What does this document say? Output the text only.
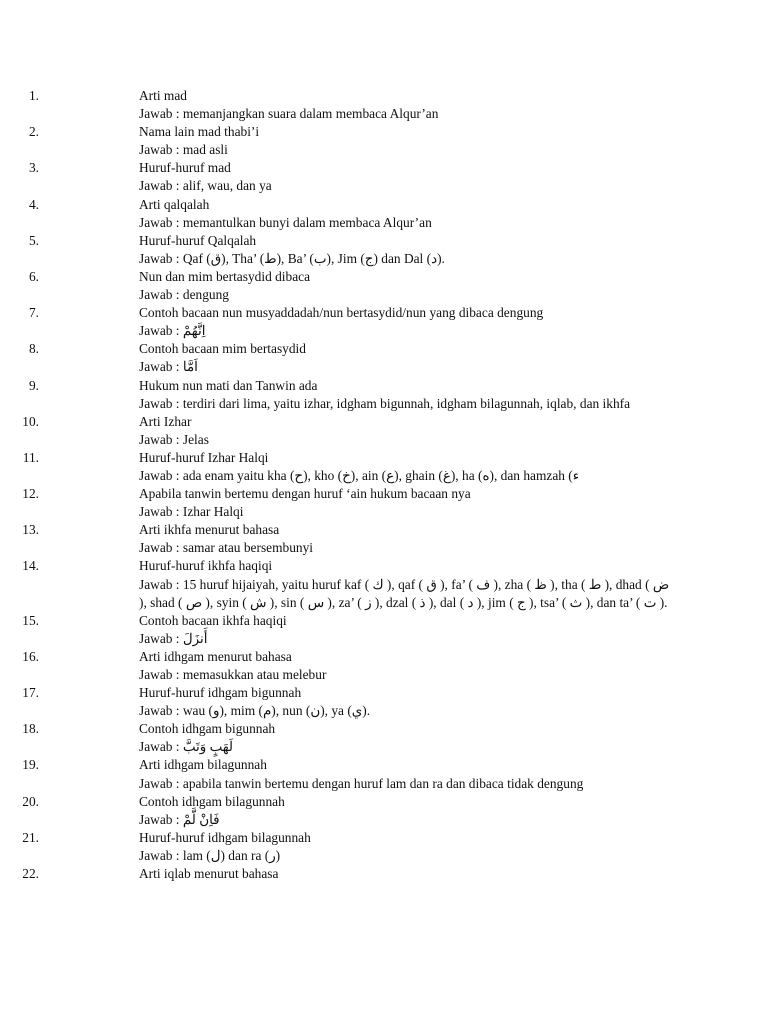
1.	Arti mad
Jawab : memanjangkan suara dalam membaca Alqur’an
2.	Nama lain mad thabi’i
Jawab : mad asli
3.	Huruf-huruf mad
Jawab : alif, wau, dan ya
4.	Arti qalqalah
Jawab : memantulkan bunyi dalam membaca Alqur’an
5.	Huruf-huruf Qalqalah
Jawab : Qaf (ق), Tha’ (ط), Ba’ (ب), Jim (ج) dan Dal (د).
6.	Nun dan mim bertasydid dibaca
Jawab : dengung
7.	Contoh bacaan nun musyaddadah/nun bertasydid/nun yang dibaca dengung
Jawab : اِنَّهُمْ
8.	Contoh bacaan mim bertasydid
Jawab : اَمَّا
9.	Hukum nun mati dan Tanwin ada
Jawab : terdiri dari lima, yaitu izhar, idgham bigunnah, idgham bilagunnah, iqlab, dan ikhfa
10.	Arti Izhar
Jawab : Jelas
11.	Huruf-huruf Izhar Halqi
Jawab : ada enam yaitu kha (ح), kho (خ), ain (ع), ghain (غ), ha (ه), dan hamzah (ء
12.	Apabila tanwin bertemu dengan huruf ‘ain hukum bacaan nya
Jawab : Izhar Halqi
13.	Arti ikhfa menurut bahasa
Jawab : samar atau bersembunyi
14.	Huruf-huruf ikhfa haqiqi
Jawab : 15 huruf hijaiyah, yaitu huruf kaf ( ك ), qaf ( ق ), fa’ ( ف ), zha ( ظ ), tha ( ط ), dhad ( ض ), shad ( ص ), syin ( ش ), sin ( س ), za’ ( ز ), dzal ( ذ ), dal ( د ), jim ( ج ), tsa’ ( ث ), dan ta’ ( ت ).
15.	Contoh bacaan ikhfa haqiqi
Jawab : أَنزَلَ
16.	Arti idhgam menurut bahasa
Jawab : memasukkan atau melebur
17.	Huruf-huruf idhgam bigunnah
Jawab : wau (و), mim (م), nun (ن), ya (ي).
18.	Contoh idhgam bigunnah
Jawab : لَهَبٍ وَتَبَّ
19.	Arti idhgam bilagunnah
Jawab : apabila tanwin bertemu dengan huruf lam dan ra dan dibaca tidak dengung
20.	Contoh idhgam bilagunnah
Jawab : فَاِنْ لَّمْ
21.	Huruf-huruf idhgam bilagunnah
Jawab : lam (ل) dan ra (ر)
22.	Arti iqlab menurut bahasa
